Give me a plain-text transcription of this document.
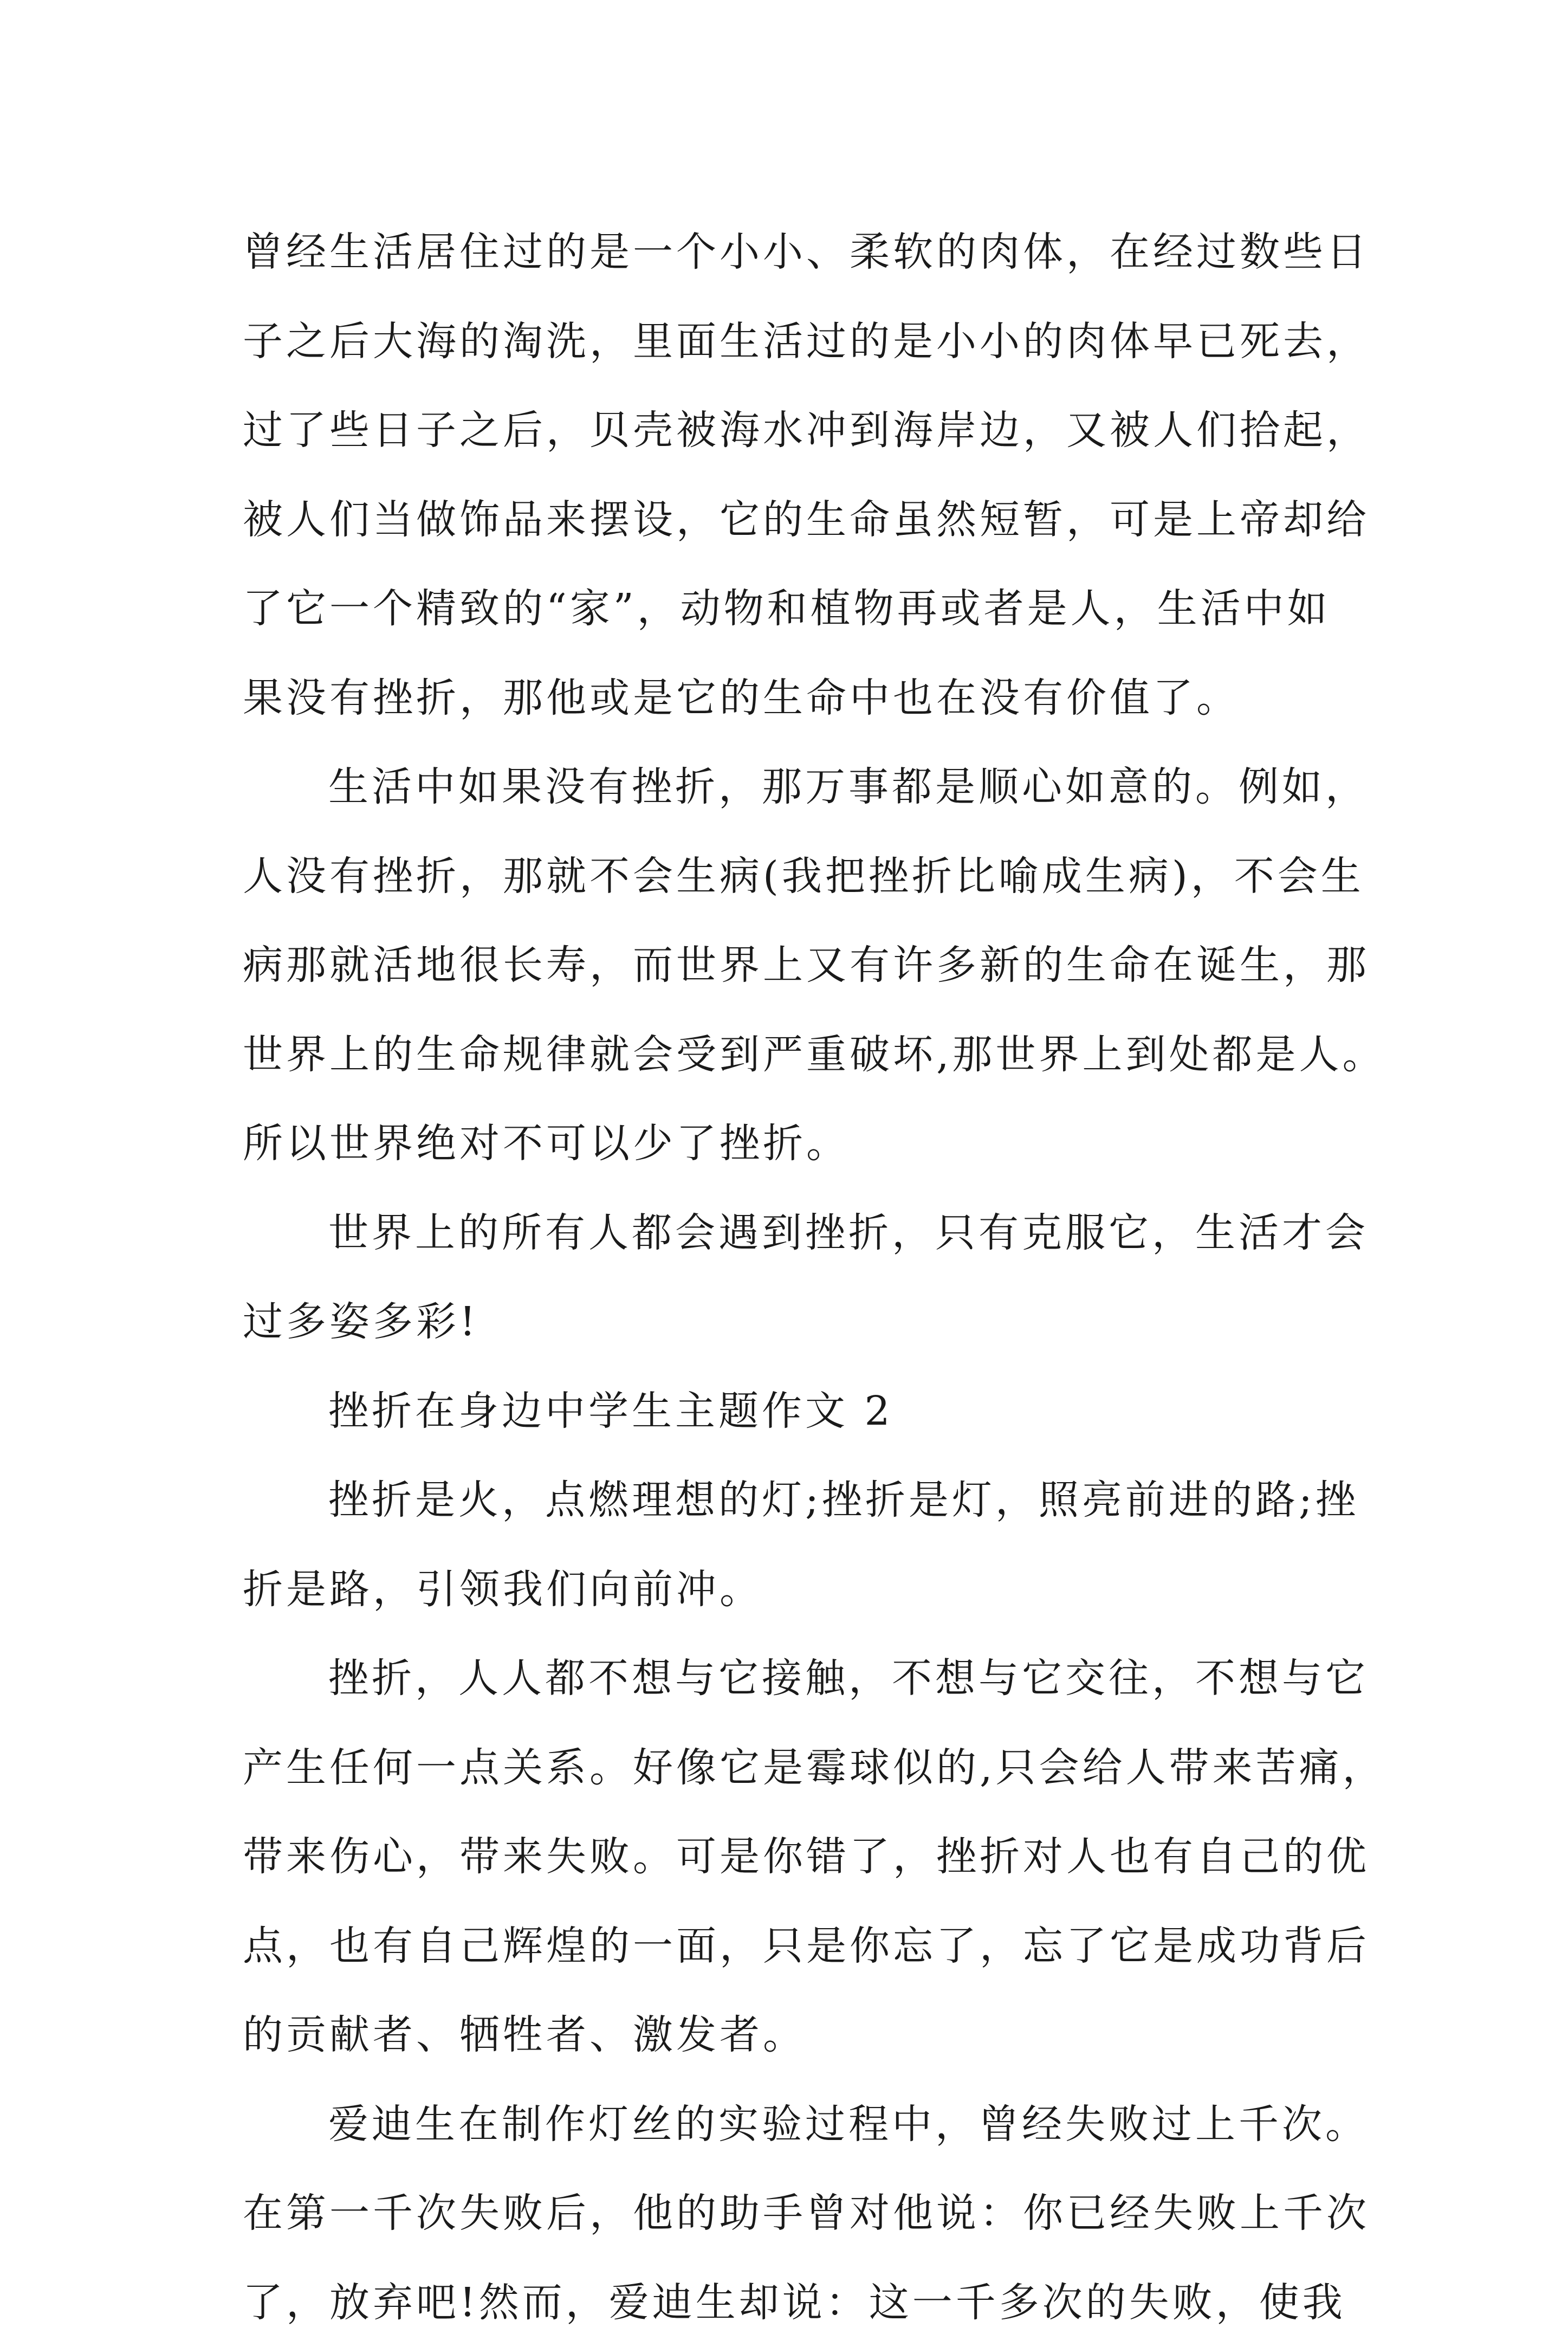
曾经生活居住过的是一个小小、柔软的肉体，在经过数些日
子之后大海的淘洗，里面生活过的是小小的肉体早已死去，
过了些日子之后，贝壳被海水冲到海岸边，又被人们拾起，
被人们当做饰品来摆设，它的生命虽然短暂，可是上帝却给
了它一个精致的“家”，动物和植物再或者是人，生活中如
果没有挫折，那他或是它的生命中也在没有价值了。
生活中如果没有挫折，那万事都是顺心如意的。例如，
人没有挫折，那就不会生病(我把挫折比喻成生病)，不会生
病那就活地很长寿，而世界上又有许多新的生命在诞生，那
世界上的生命规律就会受到严重破坏,那世界上到处都是人。
所以世界绝对不可以少了挫折。
世界上的所有人都会遇到挫折，只有克服它，生活才会
过多姿多彩!
挫折在身边中学生主题作文 2
挫折是火，点燃理想的灯;挫折是灯，照亮前进的路;挫
折是路，引领我们向前冲。
挫折，人人都不想与它接触，不想与它交往，不想与它
产生任何一点关系。好像它是霉球似的,只会给人带来苦痛，
带来伤心，带来失败。可是你错了，挫折对人也有自己的优
点，也有自己辉煌的一面，只是你忘了，忘了它是成功背后
的贡献者、牺牲者、激发者。
爱迪生在制作灯丝的实验过程中，曾经失败过上千次。
在第一千次失败后，他的助手曾对他说：你已经失败上千次
了，放弃吧!然而，爱迪生却说：这一千多次的失败，使我
